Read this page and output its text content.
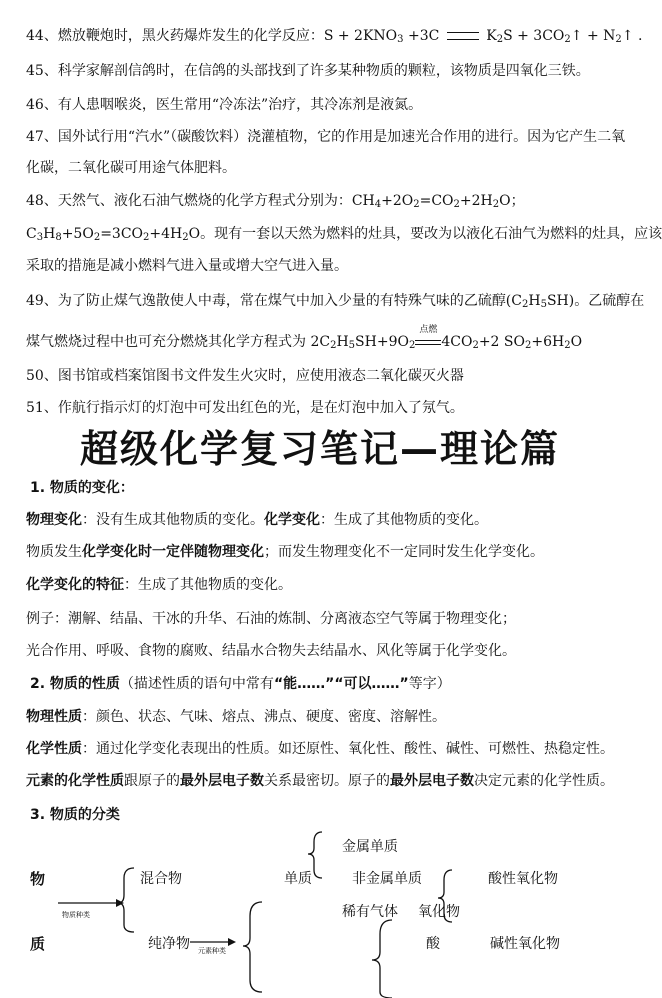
44、燃放鞭炮时，黑火药爆炸发生的化学反应：$S + 2KNO_3 +3C$	$K_2S$ + $3CO_2↑$ + $N_2↑$ .
45、科学家解剖信鸽时，在信鸽的头部找到了许多某种物质的颗粒，该物质是四氧化三铁。
46、有人患咽喉炎，医生常用“冷冻法”治疗，其冷冻剂是液氮。
47、国外试行用“汽水”（碳酸饮料）浇灌植物，它的作用是加速光合作用的进行。因为它产生二氧
化碳，二氧化碳可用途气体肥料。
48、天然气、液化石油气燃烧的化学方程式分别为：$CH_4+2O_2=CO_2+2H_2O$；
$C_3H_8+5O_2=3CO_2+4H_2O$。现有一套以天然为燃料的灶具，要改为以液化石油气为燃料的灶具，应该
采取的措施是减小燃料气进入量或增大空气进入量。
49、为了防止煤气逸散使人中毒，常在煤气中加入少量的有特殊气味的乙硫醇$(C_2H_5SH)$。乙硫醇在
煤气燃烧过程中也可充分燃烧其化学方程式为 $2C_2H_5SH+9O_2$
点燃
$4CO_2+2$ $SO_2+6H_2O$
50、图书馆或档案馆图书文件发生火灾时，应使用液态二氧化碳灭火器
51、作航行指示灯的灯泡中可发出红色的光，是在灯泡中加入了氖气。
超级化学复习笔记—理论篇
1. 物质的变化：
物理变化：没有生成其他物质的变化。化学变化：生成了其他物质的变化。
物质发生化学变化时一定伴随物理变化；而发生物理变化不一定同时发生化学变化。
化学变化的特征：生成了其他物质的变化。
例子：潮解、结晶、干冰的升华、石油的炼制、分离液态空气等属于物理变化；
光合作用、呼吸、食物的腐败、结晶水合物失去结晶水、风化等属于化学变化。
2. 物质的性质（描述性质的语句中常有“能……”“可以……”等字）
物理性质：颜色、状态、气味、熔点、沸点、硬度、密度、溶解性。
化学性质：通过化学变化表现出的性质。如还原性、氧化性、酸性、碱性、可燃性、热稳定性。
元素的化学性质跟原子的最外层电子数关系最密切。原子的最外层电子数决定元素的化学性质。
3. 物质的分类
物
质
物质种类
混合物
纯净物 元素种类
单质
金属单质
非金属单质
稀有气体 氧化物
酸
酸性氧化物
碱性氧化物
